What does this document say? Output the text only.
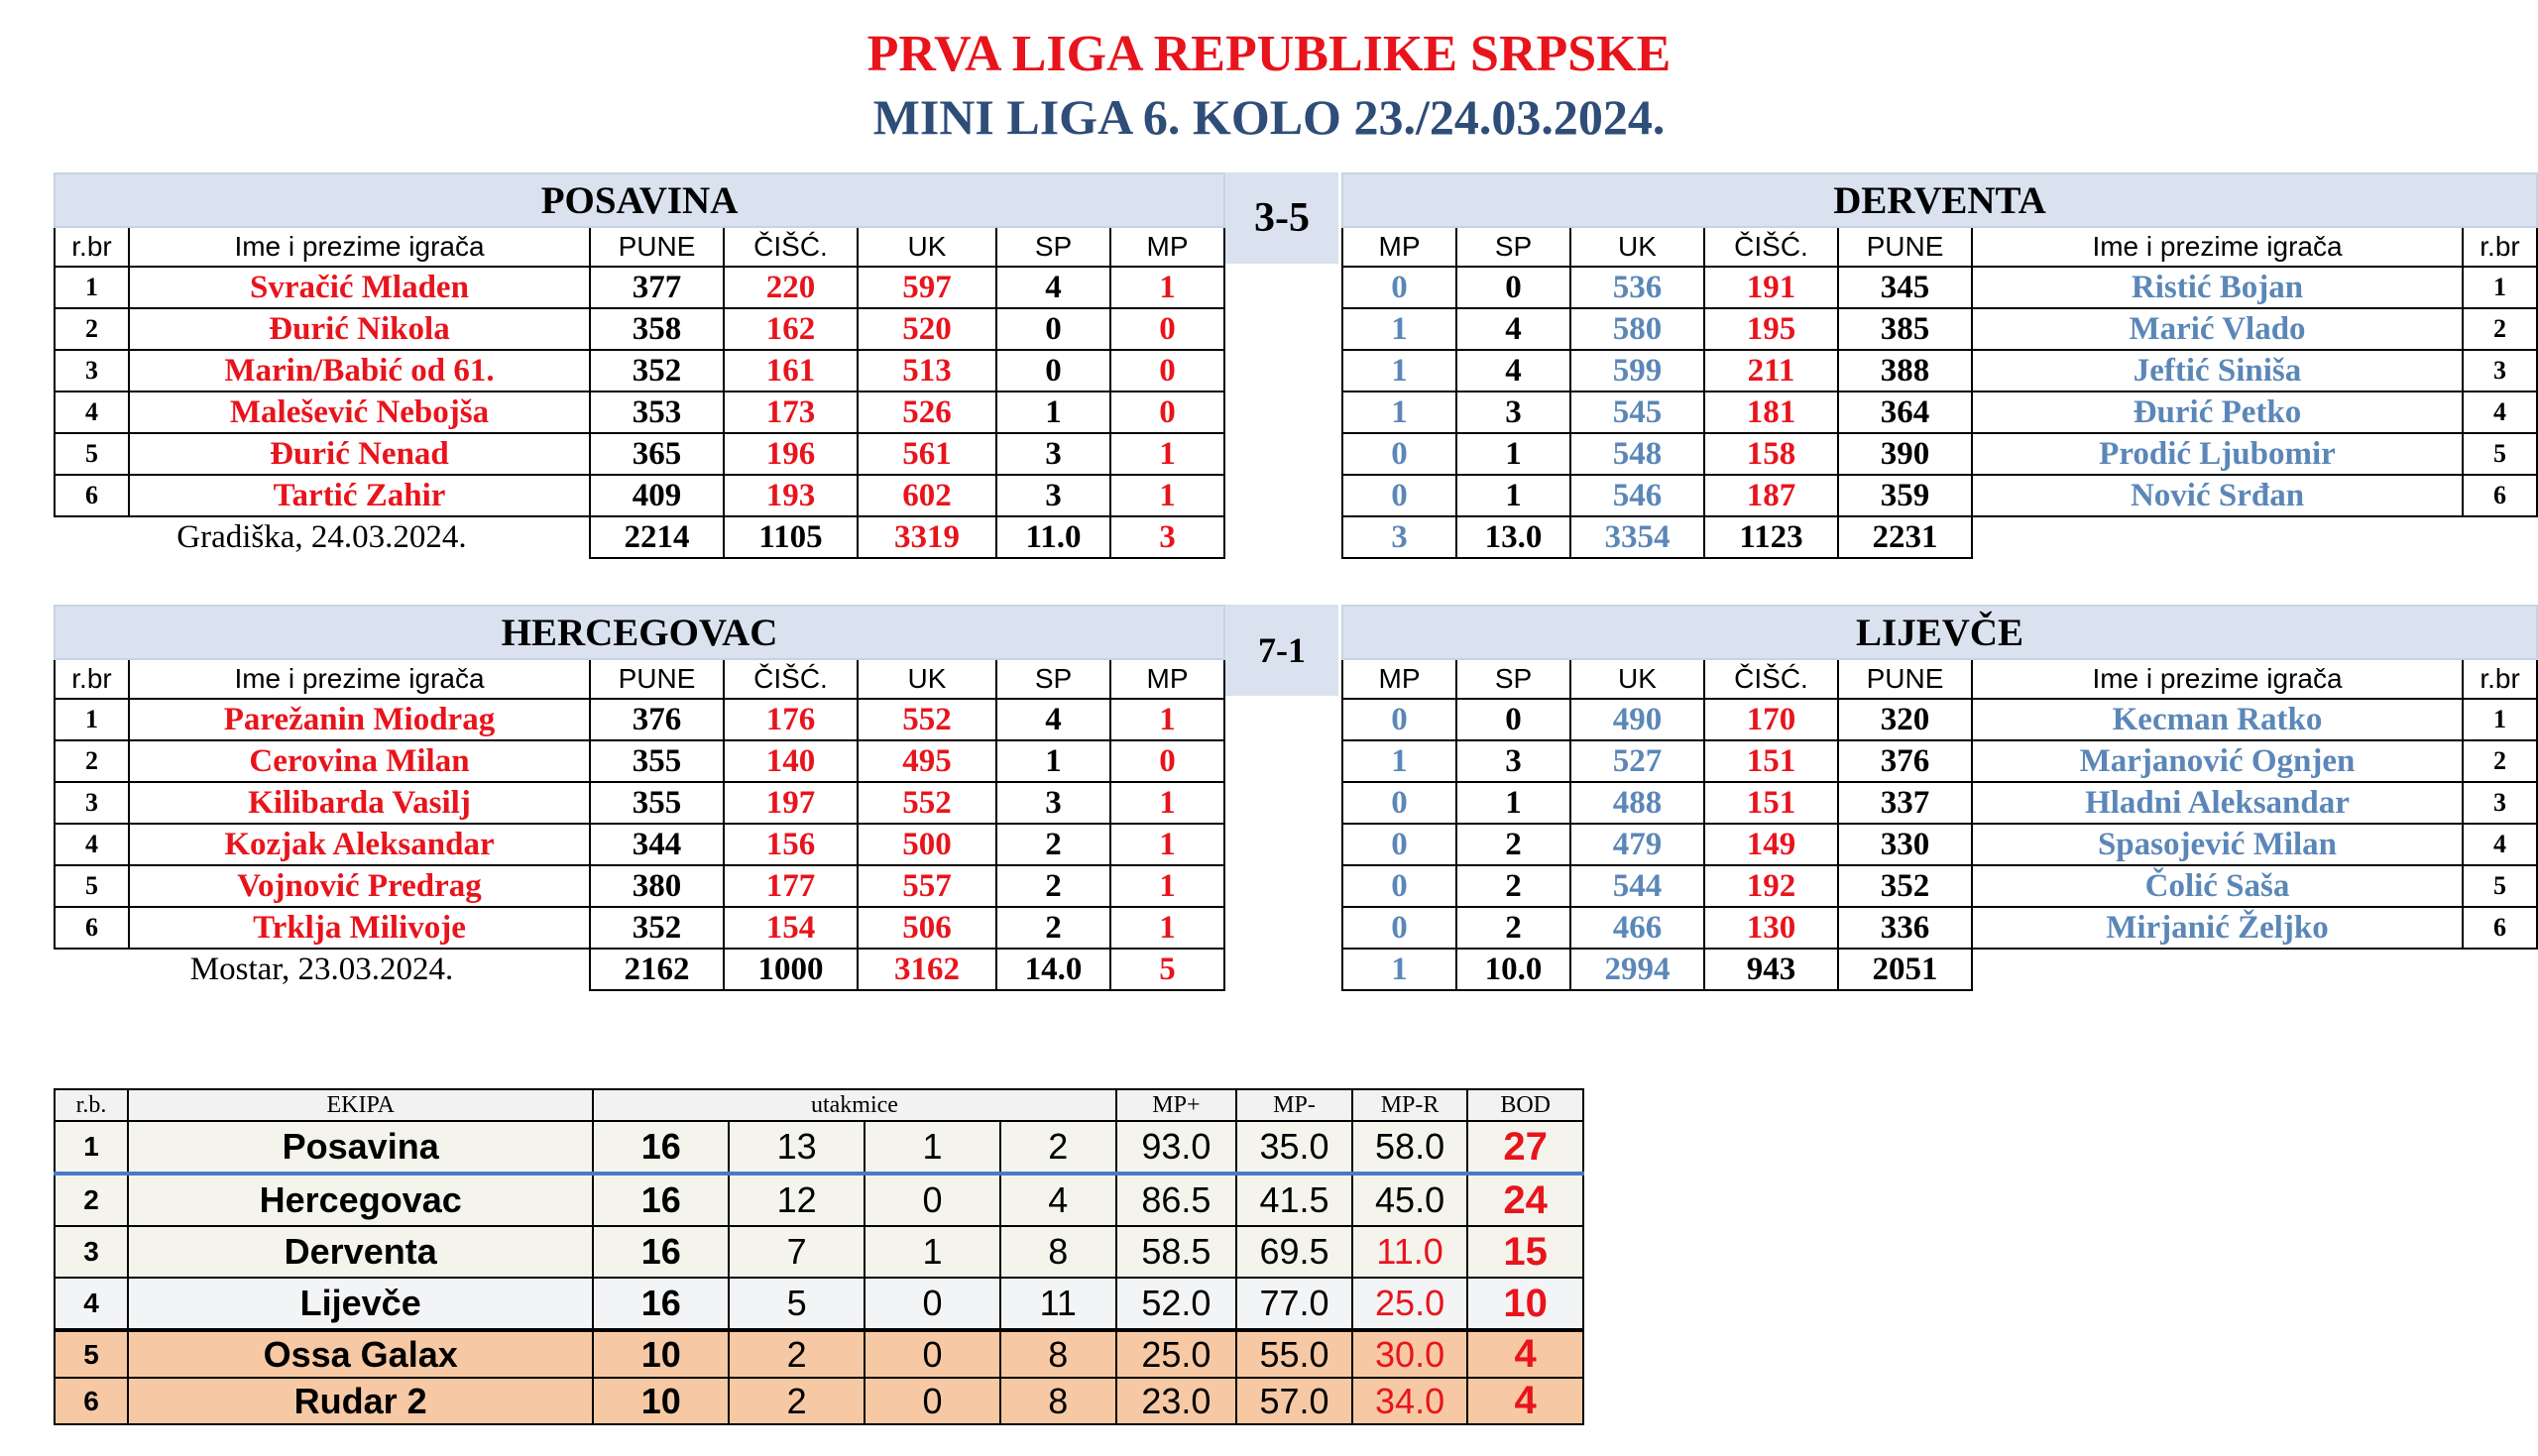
PRVA LIGA REPUBLIKE SRPSKE
MINI LIGA 6. KOLO 23./24.03.2024.
POSAVINA						
r.br	Ime i prezime igrača	PUNE	ČIŠĆ.	UK	SP	MP
1	Svračić Mladen	377	220	597	4	1
2	Đurić Nikola	358	162	520	0	0
3	Marin/Babić od 61.	352	161	513	0	0
4	Malešević Nebojša	353	173	526	1	0
5	Đurić Nenad	365	196	561	3	1
6	Tartić Zahir	409	193	602	3	1
Gradiška, 24.03.2024.		2214	1105	3319	11.0	3
3-5	DERVENTA						
MP	SP	UK	ČIŠĆ.	PUNE	Ime i prezime igrača	r.br
0	0	536	191	345	Ristić Bojan	1
1	4	580	195	385	Marić Vlado	2
1	4	599	211	388	Jeftić Siniša	3
1	3	545	181	364	Đurić Petko	4
0	1	548	158	390	Prodić Ljubomir	5
0	1	546	187	359	Nović Srđan	6
3	13.0	3354	1123	2231		
HERCEGOVAC						
r.br	Ime i prezime igrača	PUNE	ČIŠĆ.	UK	SP	MP
1	Parežanin Miodrag	376	176	552	4	1
2	Cerovina Milan	355	140	495	1	0
3	Kilibarda Vasilj	355	197	552	3	1
4	Kozjak Aleksandar	344	156	500	2	1
5	Vojnović Predrag	380	177	557	2	1
6	Trklja Milivoje	352	154	506	2	1
Mostar, 23.03.2024.		2162	1000	3162	14.0	5
7-1	LIJEVČE						
MP	SP	UK	ČIŠĆ.	PUNE	Ime i prezime igrača	r.br
0	0	490	170	320	Kecman Ratko	1
1	3	527	151	376	Marjanović Ognjen	2
0	1	488	151	337	Hladni Aleksandar	3
0	2	479	149	330	Spasojević Milan	4
0	2	544	192	352	Čolić Saša	5
0	2	466	130	336	Mirjanić Željko	6
1	10.0	2994	943	2051		
r.b.	EKIPA	utakmice				MP+	MP-	MP-R	BOD
1	Posavina	16	13	1	2	93.0	35.0	58.0	27
2	Hercegovac	16	12	0	4	86.5	41.5	45.0	24
3	Derventa	16	7	1	8	58.5	69.5	11.0	15
4	Lijevče	16	5	0	11	52.0	77.0	25.0	10
5	Ossa Galax	10	2	0	8	25.0	55.0	30.0	4
6	Rudar 2	10	2	0	8	23.0	57.0	34.0	4
